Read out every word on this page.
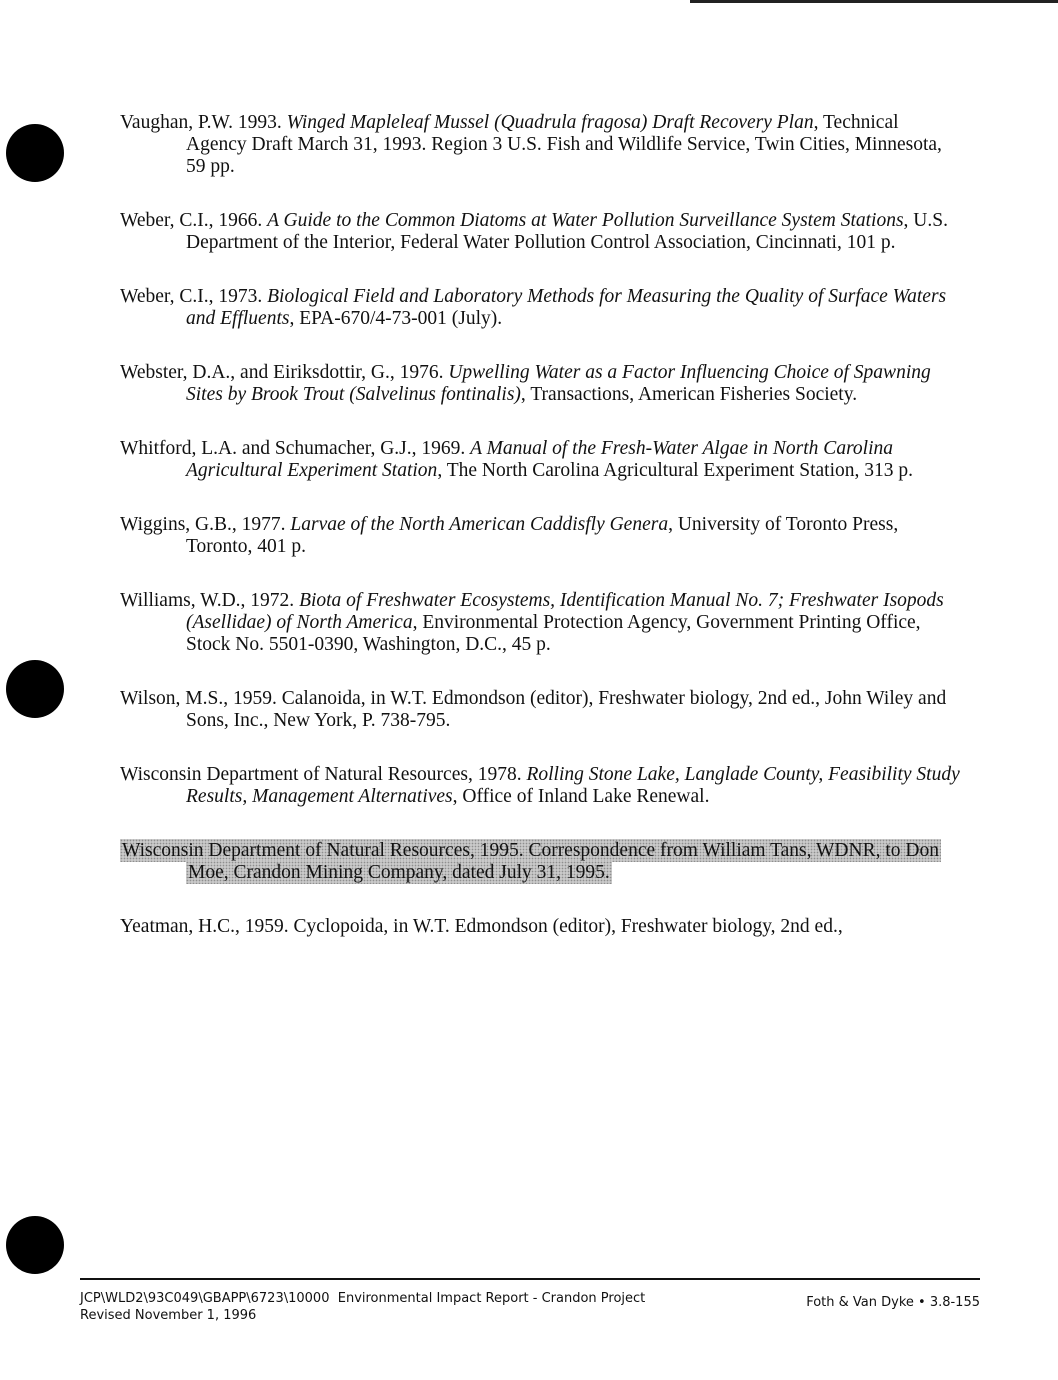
Vaughan, P.W. 1993. Winged Mapleleaf Mussel (Quadrula fragosa) Draft Recovery Plan, Technical Agency Draft March 31, 1993. Region 3 U.S. Fish and Wildlife Service, Twin Cities, Minnesota, 59 pp.

Weber, C.I., 1966. A Guide to the Common Diatoms at Water Pollution Surveillance System Stations, U.S. Department of the Interior, Federal Water Pollution Control Association, Cincinnati, 101 p.

Weber, C.I., 1973. Biological Field and Laboratory Methods for Measuring the Quality of Surface Waters and Effluents, EPA-670/4-73-001 (July).

Webster, D.A., and Eiriksdottir, G., 1976. Upwelling Water as a Factor Influencing Choice of Spawning Sites by Brook Trout (Salvelinus fontinalis), Transactions, American Fisheries Society.

Whitford, L.A. and Schumacher, G.J., 1969. A Manual of the Fresh-Water Algae in North Carolina Agricultural Experiment Station, The North Carolina Agricultural Experiment Station, 313 p.

Wiggins, G.B., 1977. Larvae of the North American Caddisfly Genera, University of Toronto Press, Toronto, 401 p.

Williams, W.D., 1972. Biota of Freshwater Ecosystems, Identification Manual No. 7; Freshwater Isopods (Asellidae) of North America, Environmental Protection Agency, Government Printing Office, Stock No. 5501-0390, Washington, D.C., 45 p.

Wilson, M.S., 1959. Calanoida, in W.T. Edmondson (editor), Freshwater biology, 2nd ed., John Wiley and Sons, Inc., New York, P. 738-795.

Wisconsin Department of Natural Resources, 1978. Rolling Stone Lake, Langlade County, Feasibility Study Results, Management Alternatives, Office of Inland Lake Renewal.

Wisconsin Department of Natural Resources, 1995. Correspondence from William Tans, WDNR, to Don Moe, Crandon Mining Company, dated July 31, 1995.

Yeatman, H.C., 1959. Cyclopoida, in W.T. Edmondson (editor), Freshwater biology, 2nd ed.,

JCP\WLD2\93C049\GBAPP\6723\10000 Environmental Impact Report - Crandon Project
Revised November 1, 1996
Foth & Van Dyke • 3.8-155
